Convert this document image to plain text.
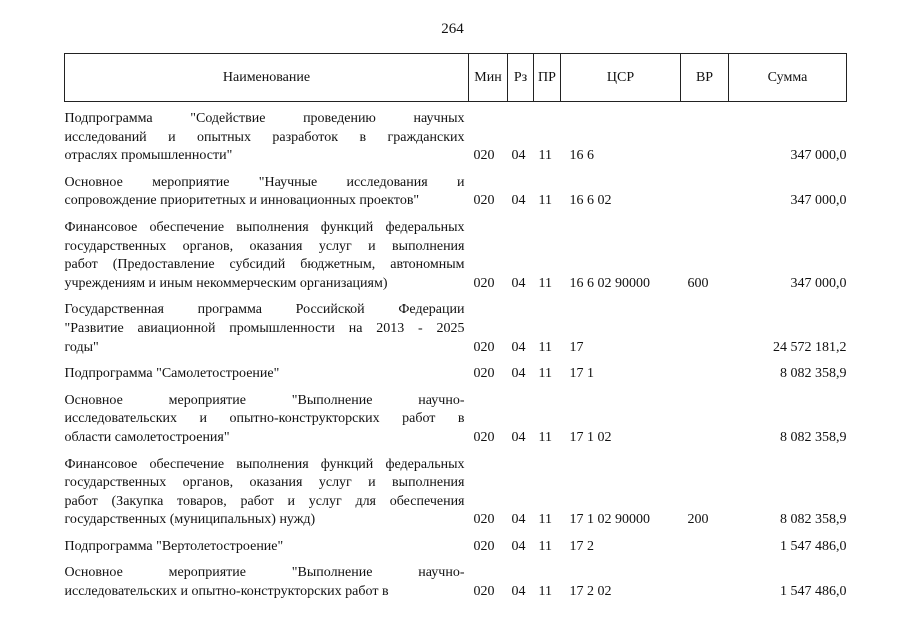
264
Наименование	Мин	Рз	ПР	ЦСР	ВР	Сумма

Подпрограмма "Содействие проведению научных
исследований и опытных разработок в гражданских
отраслях промышленности"	020	04	11	16 6		347 000,0

Основное мероприятие "Научные исследования и
сопровождение приоритетных и инновационных проектов"	020	04	11	16 6 02		347 000,0

Финансовое обеспечение выполнения функций федеральных
государственных органов, оказания услуг и выполнения
работ (Предоставление субсидий бюджетным, автономным
учреждениям и иным некоммерческим организациям)	020	04	11	16 6 02 90000	600	347 000,0

Государственная программа Российской Федерации
"Развитие авиационной промышленности на 2013 - 2025
годы"	020	04	11	17		24 572 181,2

Подпрограмма "Самолетостроение"	020	04	11	17 1		8 082 358,9

Основное мероприятие "Выполнение научно-
исследовательских и опытно-конструкторских работ в
области самолетостроения"	020	04	11	17 1 02		8 082 358,9

Финансовое обеспечение выполнения функций федеральных
государственных органов, оказания услуг и выполнения
работ (Закупка товаров, работ и услуг для обеспечения
государственных (муниципальных) нужд)	020	04	11	17 1 02 90000	200	8 082 358,9

Подпрограмма "Вертолетостроение"	020	04	11	17 2		1 547 486,0

Основное мероприятие "Выполнение научно-
исследовательских и опытно-конструкторских работ в	020	04	11	17 2 02		1 547 486,0
